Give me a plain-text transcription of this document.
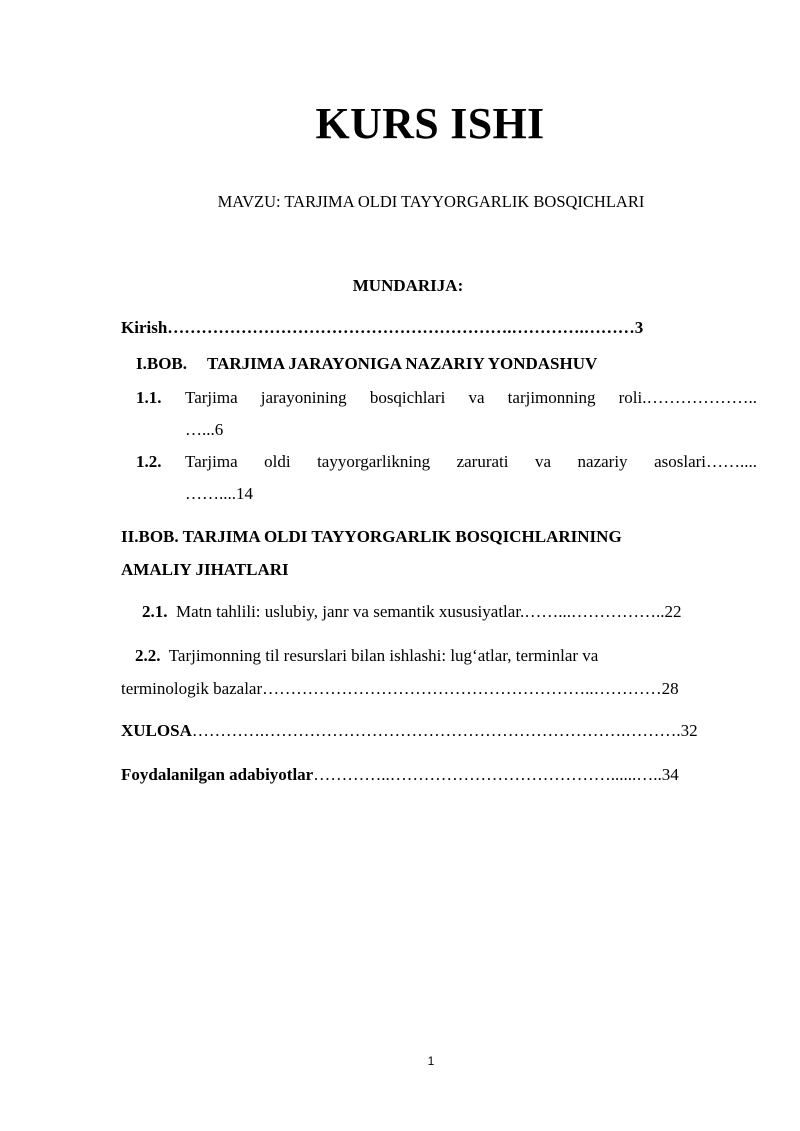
KURS ISHI
MAVZU: TARJIMA OLDI TAYYORGARLIK BOSQICHLARI
MUNDARIJA:
Kirish…………………………………………………….………….………3
I.BOB. TARJIMA JARAYONIGA NAZARIY YONDASHUV
1.1. Tarjima jarayonining bosqichlari va tarjimonning roli.………………..
…...6
1.2. Tarjima oldi tayyorgarlikning zarurati va nazariy asoslari……....
……....14
II.BOB. TARJIMA OLDI TAYYORGARLIK BOSQICHLARINING
AMALIY JIHATLARI
2.1. Matn tahlili: uslubiy, janr va semantik xususiyatlar.……...……………..22
2.2. Tarjimonning til resurslari bilan ishlashi: lug‘atlar, terminlar va
terminologik bazalar…………………………………………………..…………28
XULOSA………….……………………………………………………….……….32
Foydalanilgan adabiyotlar…………..…………………………………......…..34
1
